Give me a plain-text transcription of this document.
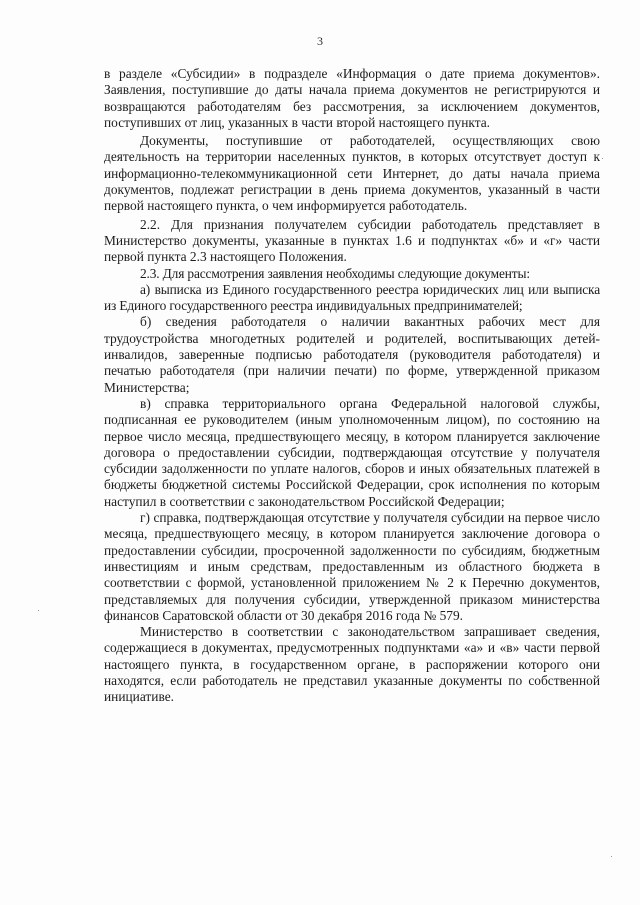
3

в разделе «Субсидии» в подразделе «Информация о дате приема документов». Заявления, поступившие до даты начала приема документов не регистрируются и возвращаются работодателям без рассмотрения, за исключением документов, поступивших от лиц, указанных в части второй настоящего пункта.

Документы, поступившие от работодателей, осуществляющих свою деятельность на территории населенных пунктов, в которых отсутствует доступ к информационно-телекоммуникационной сети Интернет, до даты начала приема документов, подлежат регистрации в день приема документов, указанный в части первой настоящего пункта, о чем информируется работодатель.

2.2. Для признания получателем субсидии работодатель представляет в Министерство документы, указанные в пунктах 1.6 и подпунктах «б» и «г» части первой пункта 2.3 настоящего Положения.

2.3. Для рассмотрения заявления необходимы следующие документы:

а) выписка из Единого государственного реестра юридических лиц или выписка из Единого государственного реестра индивидуальных предпринимателей;

б) сведения работодателя о наличии вакантных рабочих мест для трудоустройства многодетных родителей и родителей, воспитывающих детей-инвалидов, заверенные подписью работодателя (руководителя работодателя) и печатью работодателя (при наличии печати) по форме, утвержденной приказом Министерства;

в) справка территориального органа Федеральной налоговой службы, подписанная ее руководителем (иным уполномоченным лицом), по состоянию на первое число месяца, предшествующего месяцу, в котором планируется заключение договора о предоставлении субсидии, подтверждающая отсутствие у получателя субсидии задолженности по уплате налогов, сборов и иных обязательных платежей в бюджеты бюджетной системы Российской Федерации, срок исполнения по которым наступил в соответствии с законодательством Российской Федерации;

г) справка, подтверждающая отсутствие у получателя субсидии на первое число месяца, предшествующего месяцу, в котором планируется заключение договора о предоставлении субсидии, просроченной задолженности по субсидиям, бюджетным инвестициям и иным средствам, предоставленным из областного бюджета в соответствии с формой, установленной приложением № 2 к Перечню документов, представляемых для получения субсидии, утвержденной приказом министерства финансов Саратовской области от 30 декабря 2016 года № 579.

Министерство в соответствии с законодательством запрашивает сведения, содержащиеся в документах, предусмотренных подпунктами «а» и «в» части первой настоящего пункта, в государственном органе, в распоряжении которого они находятся, если работодатель не представил указанные документы по собственной инициативе.
